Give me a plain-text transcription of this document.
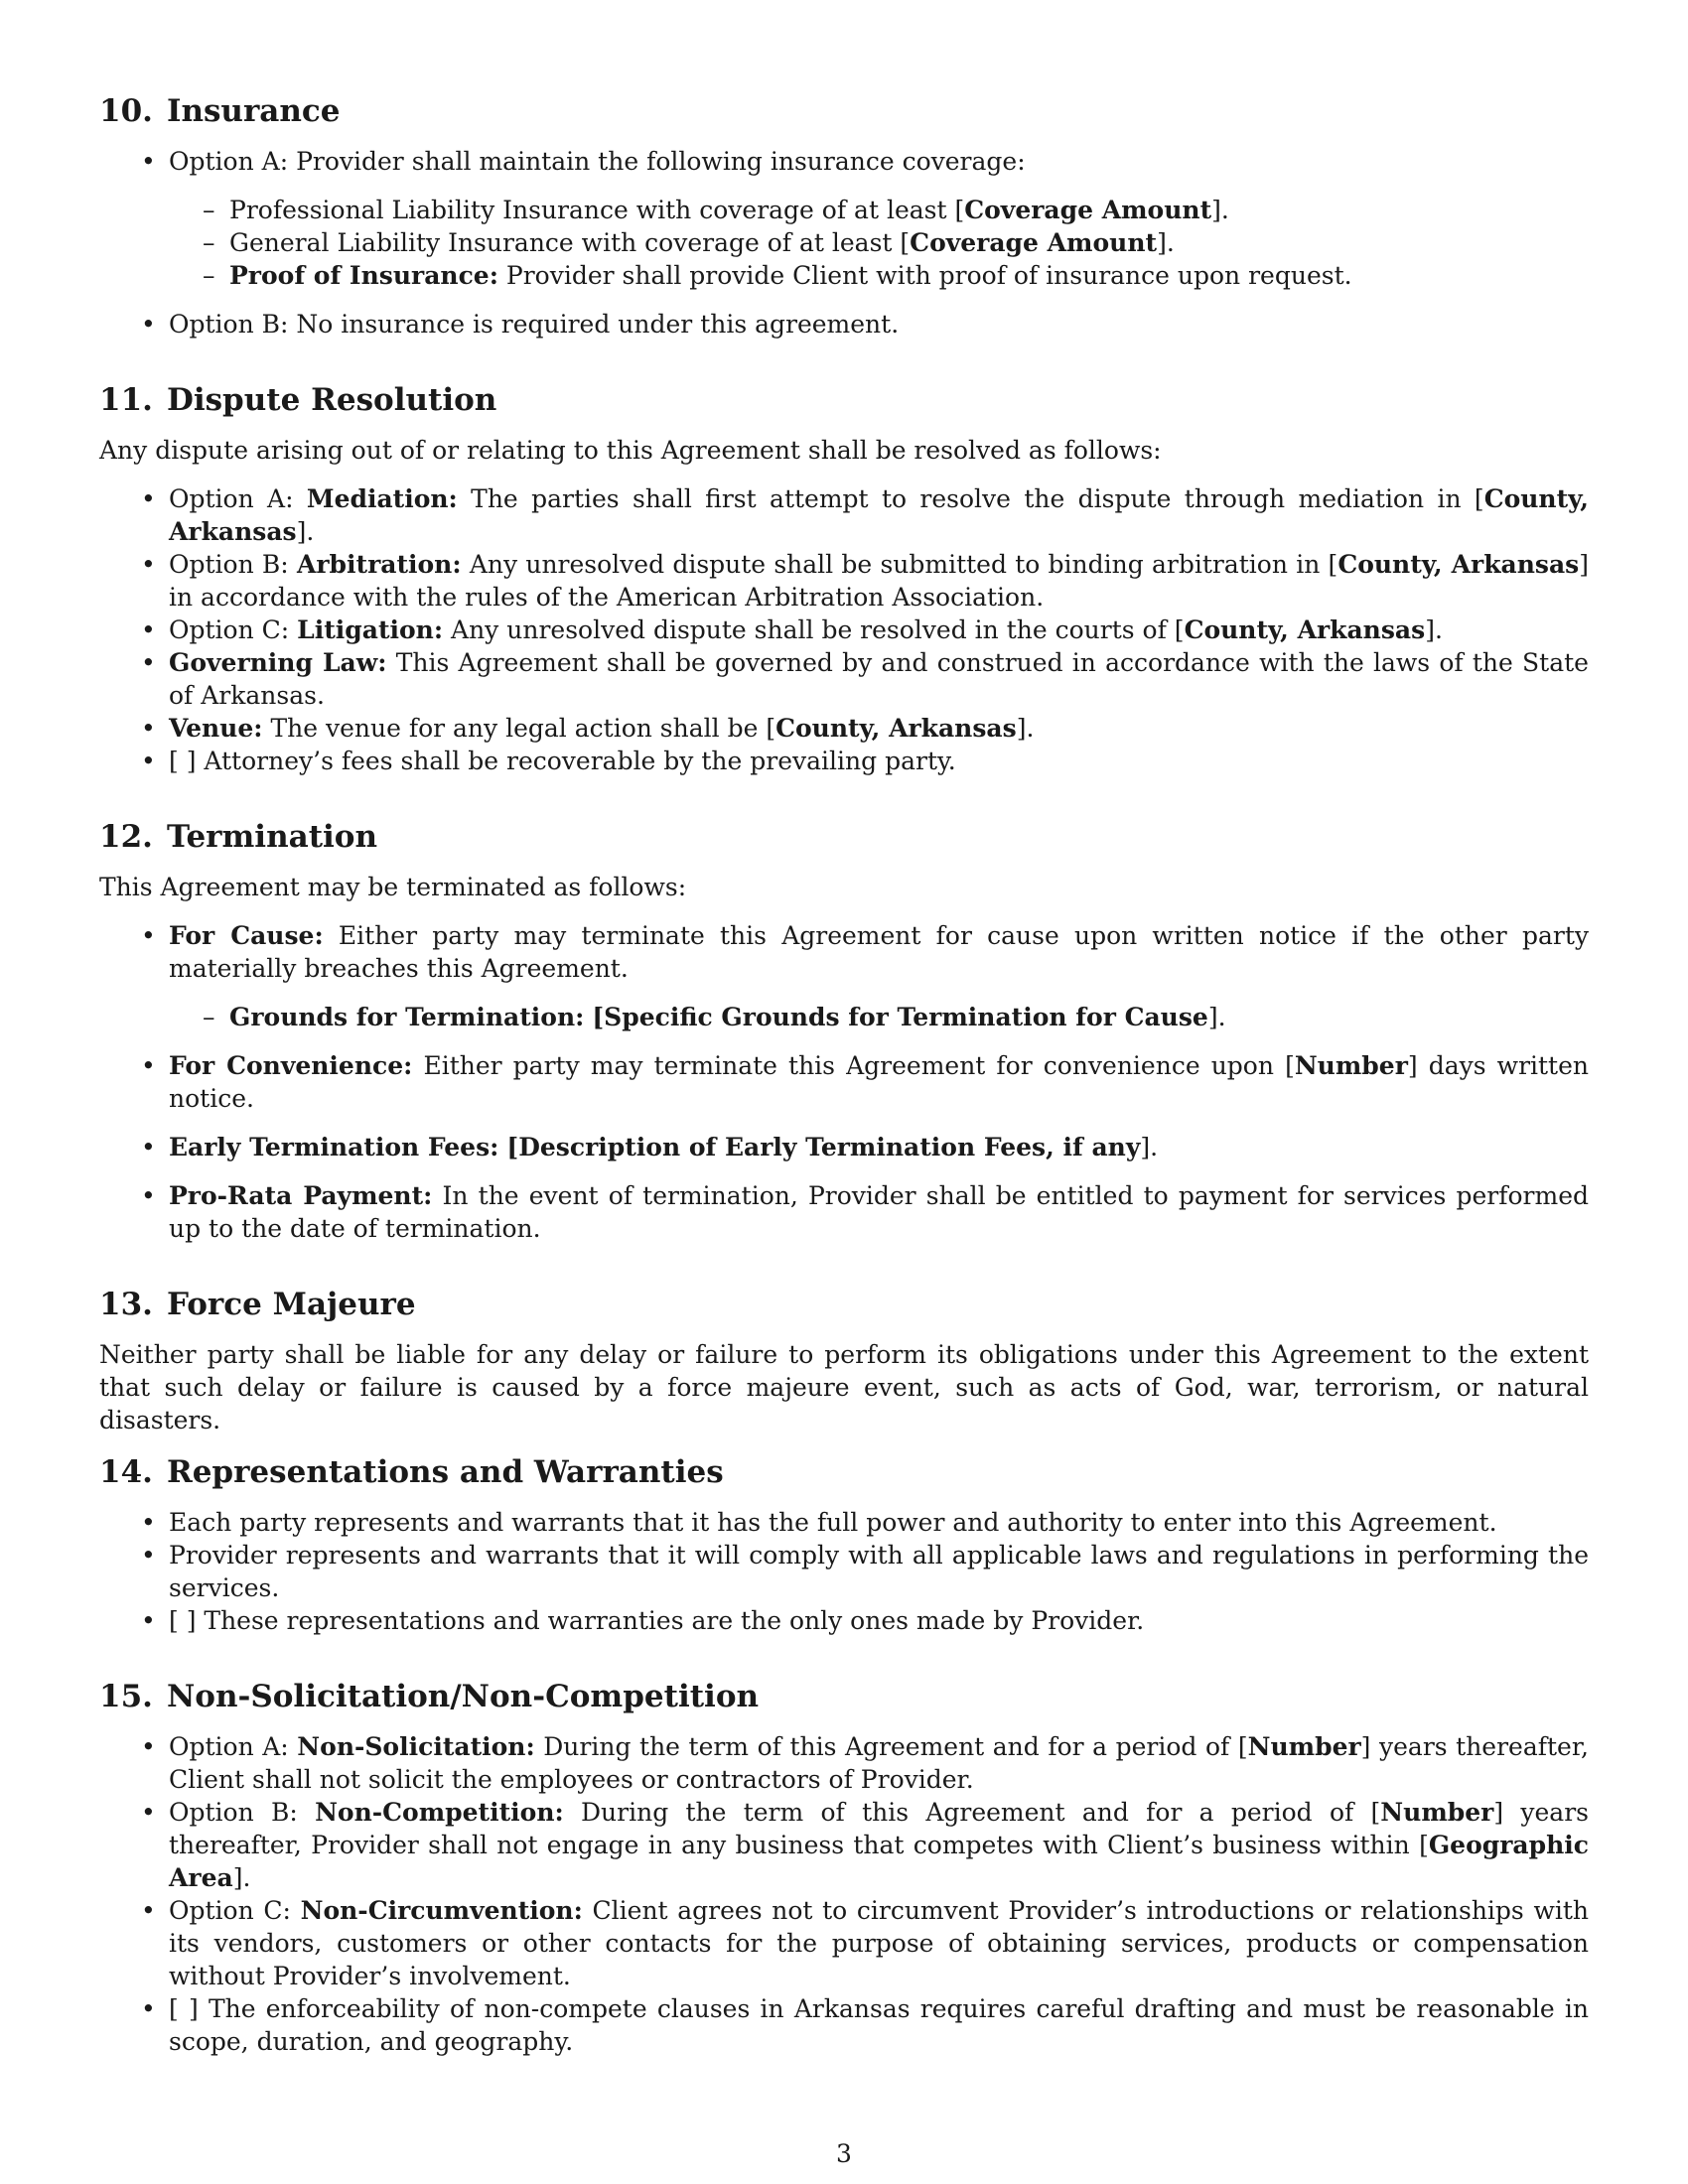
10. Insurance
• Option A: Provider shall maintain the following insurance coverage:
– Professional Liability Insurance with coverage of at least [Coverage Amount].
– General Liability Insurance with coverage of at least [Coverage Amount].
– Proof of Insurance: Provider shall provide Client with proof of insurance upon request.
• Option B: No insurance is required under this agreement.
11. Dispute Resolution

Any dispute arising out of or relating to this Agreement shall be resolved as follows:

• Option A: Mediation: The parties shall first attempt to resolve the dispute through mediation in [County, Arkansas].
• Option B: Arbitration: Any unresolved dispute shall be submitted to binding arbitration in [County, Arkansas] in accordance with the rules of the American Arbitration Association.
• Option C: Litigation: Any unresolved dispute shall be resolved in the courts of [County, Arkansas].
• Governing Law: This Agreement shall be governed by and construed in accordance with the laws of the State of Arkansas.
• Venue: The venue for any legal action shall be [County, Arkansas].
• [ ] Attorney’s fees shall be recoverable by the prevailing party.
12. Termination

This Agreement may be terminated as follows:

• For Cause: Either party may terminate this Agreement for cause upon written notice if the other party materially breaches this Agreement.
– Grounds for Termination: [Specific Grounds for Termination for Cause].
• For Convenience: Either party may terminate this Agreement for convenience upon [Number] days written notice.
• Early Termination Fees: [Description of Early Termination Fees, if any].
• Pro-Rata Payment: In the event of termination, Provider shall be entitled to payment for services performed up to the date of termination.
13. Force Majeure

Neither party shall be liable for any delay or failure to perform its obligations under this Agreement to the extent that such delay or failure is caused by a force majeure event, such as acts of God, war, terrorism, or natural disasters.

14. Representations and Warranties
• Each party represents and warrants that it has the full power and authority to enter into this Agreement.
• Provider represents and warrants that it will comply with all applicable laws and regulations in performing the services.
• [ ] These representations and warranties are the only ones made by Provider.
15. Non-Solicitation/Non-Competition
• Option A: Non-Solicitation: During the term of this Agreement and for a period of [Number] years thereafter, Client shall not solicit the employees or contractors of Provider.
• Option B: Non-Competition: During the term of this Agreement and for a period of [Number] years thereafter, Provider shall not engage in any business that competes with Client’s business within [Geographic Area].
• Option C: Non-Circumvention: Client agrees not to circumvent Provider’s introductions or relationships with its vendors, customers or other contacts for the purpose of obtaining services, products or compensation without Provider’s involvement.
• [ ] The enforceability of non-compete clauses in Arkansas requires careful drafting and must be reasonable in scope, duration, and geography.
3
